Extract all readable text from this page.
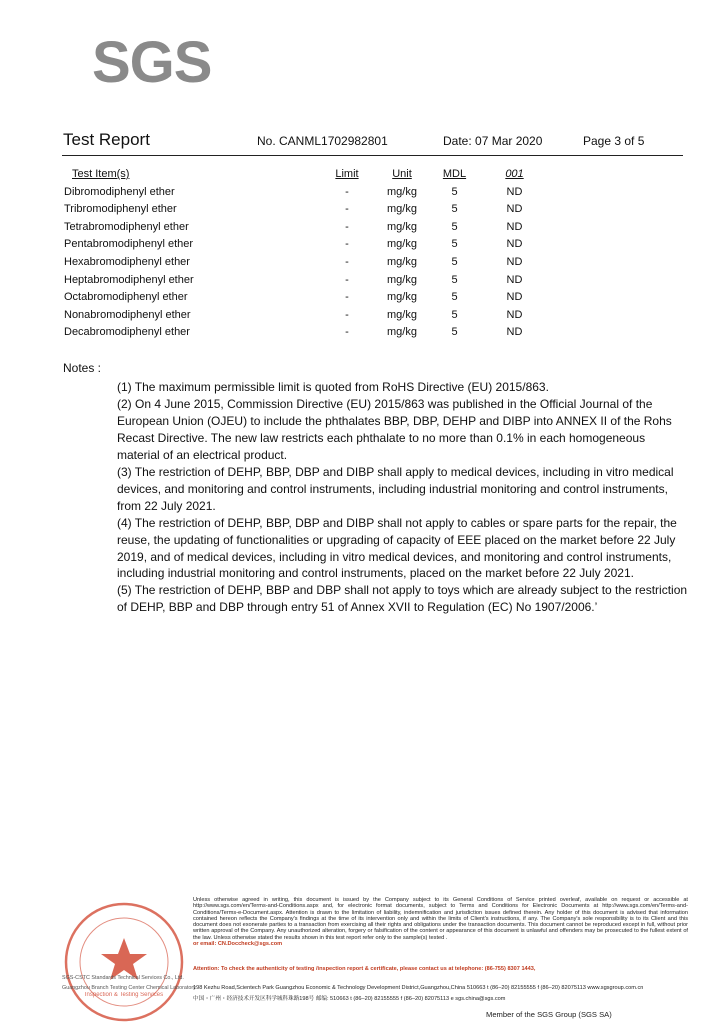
SGS
Test Report	No. CANML1702982801	Date: 07 Mar 2020	Page 3 of 5
Test Item(s)	Limit	Unit	MDL	001
Dibromodiphenyl ether	-	mg/kg	5	ND
Tribromodiphenyl ether	-	mg/kg	5	ND
Tetrabromodiphenyl ether	-	mg/kg	5	ND
Pentabromodiphenyl ether	-	mg/kg	5	ND
Hexabromodiphenyl ether	-	mg/kg	5	ND
Heptabromodiphenyl ether	-	mg/kg	5	ND
Octabromodiphenyl ether	-	mg/kg	5	ND
Nonabromodiphenyl ether	-	mg/kg	5	ND
Decabromodiphenyl ether	-	mg/kg	5	ND
Notes :

(1) The maximum permissible limit is quoted from RoHS Directive (EU) 2015/863.

(2) On 4 June 2015, Commission Directive (EU) 2015/863 was published in the Official Journal of the European Union (OJEU) to include the phthalates BBP, DBP, DEHP and DIBP into ANNEX II of the Rohs Recast Directive. The new law restricts each phthalate to no more than 0.1% in each homogeneous material of an electrical product.

(3) The restriction of DEHP, BBP, DBP and DIBP shall apply to medical devices, including in vitro medical devices, and monitoring and control instruments, including industrial monitoring and control instruments, from 22 July 2021.

(4) The restriction of DEHP, BBP, DBP and DIBP shall not apply to cables or spare parts for the repair, the reuse, the updating of functionalities or upgrading of capacity of EEE placed on the market before 22 July 2019, and of medical devices, including in vitro medical devices, and monitoring and control instruments, including industrial monitoring and control instruments, placed on the market before 22 July 2021.

(5) The restriction of DEHP, BBP and DBP shall not apply to toys which are already subject to the restriction of DEHP, BBP and DBP through entry 51 of Annex XVII to Regulation (EC) No 1907/2006.’

Inspection & Testing Services
Unless otherwise agreed in writing, this document is issued by the Company subject to its General Conditions of Service printed overleaf, available on request or accessible at http://www.sgs.com/en/Terms-and-Conditions.aspx and, for electronic format documents, subject to Terms and Conditions for Electronic Documents at http://www.sgs.com/en/Terms-and-Conditions/Terms-e-Document.aspx. Attention is drawn to the limitation of liability, indemnification and jurisdiction issues defined therein. Any holder of this document is advised that information contained hereon reflects the Company's findings at the time of its intervention only and within the limits of Client's instructions, if any. The Company's sole responsibility is to its Client and this document does not exonerate parties to a transaction from exercising all their rights and obligations under the transaction documents. This document cannot be reproduced except in full, without prior written approval of the Company. Any unauthorized alteration, forgery or falsification of the content or appearance of this document is unlawful and offenders may be prosecuted to the fullest extent of the law. Unless otherwise stated the results shown in this test report refer only to the sample(s) tested .
or email: CN.Doccheck@sgs.com
Attention: To check the authenticity of testing /inspection report & certificate, please contact us at telephone: (86-755) 8307 1443,
SGS-CSTC Standards Technical Services Co., Ltd.
Guangzhou Branch Testing Center Chemical Laboratory
198 Kezhu Road,Scientech Park Guangzhou Economic & Technology Development District,Guangzhou,China 510663 t (86–20) 82155555 f (86–20) 82075113 www.sgsgroup.com.cn
中国・广州・经济技术开发区科学城科珠路198号 邮编: 510663 t (86–20) 82155555 f (86–20) 82075113 e sgs.china@sgs.com
Member of the SGS Group (SGS SA)
